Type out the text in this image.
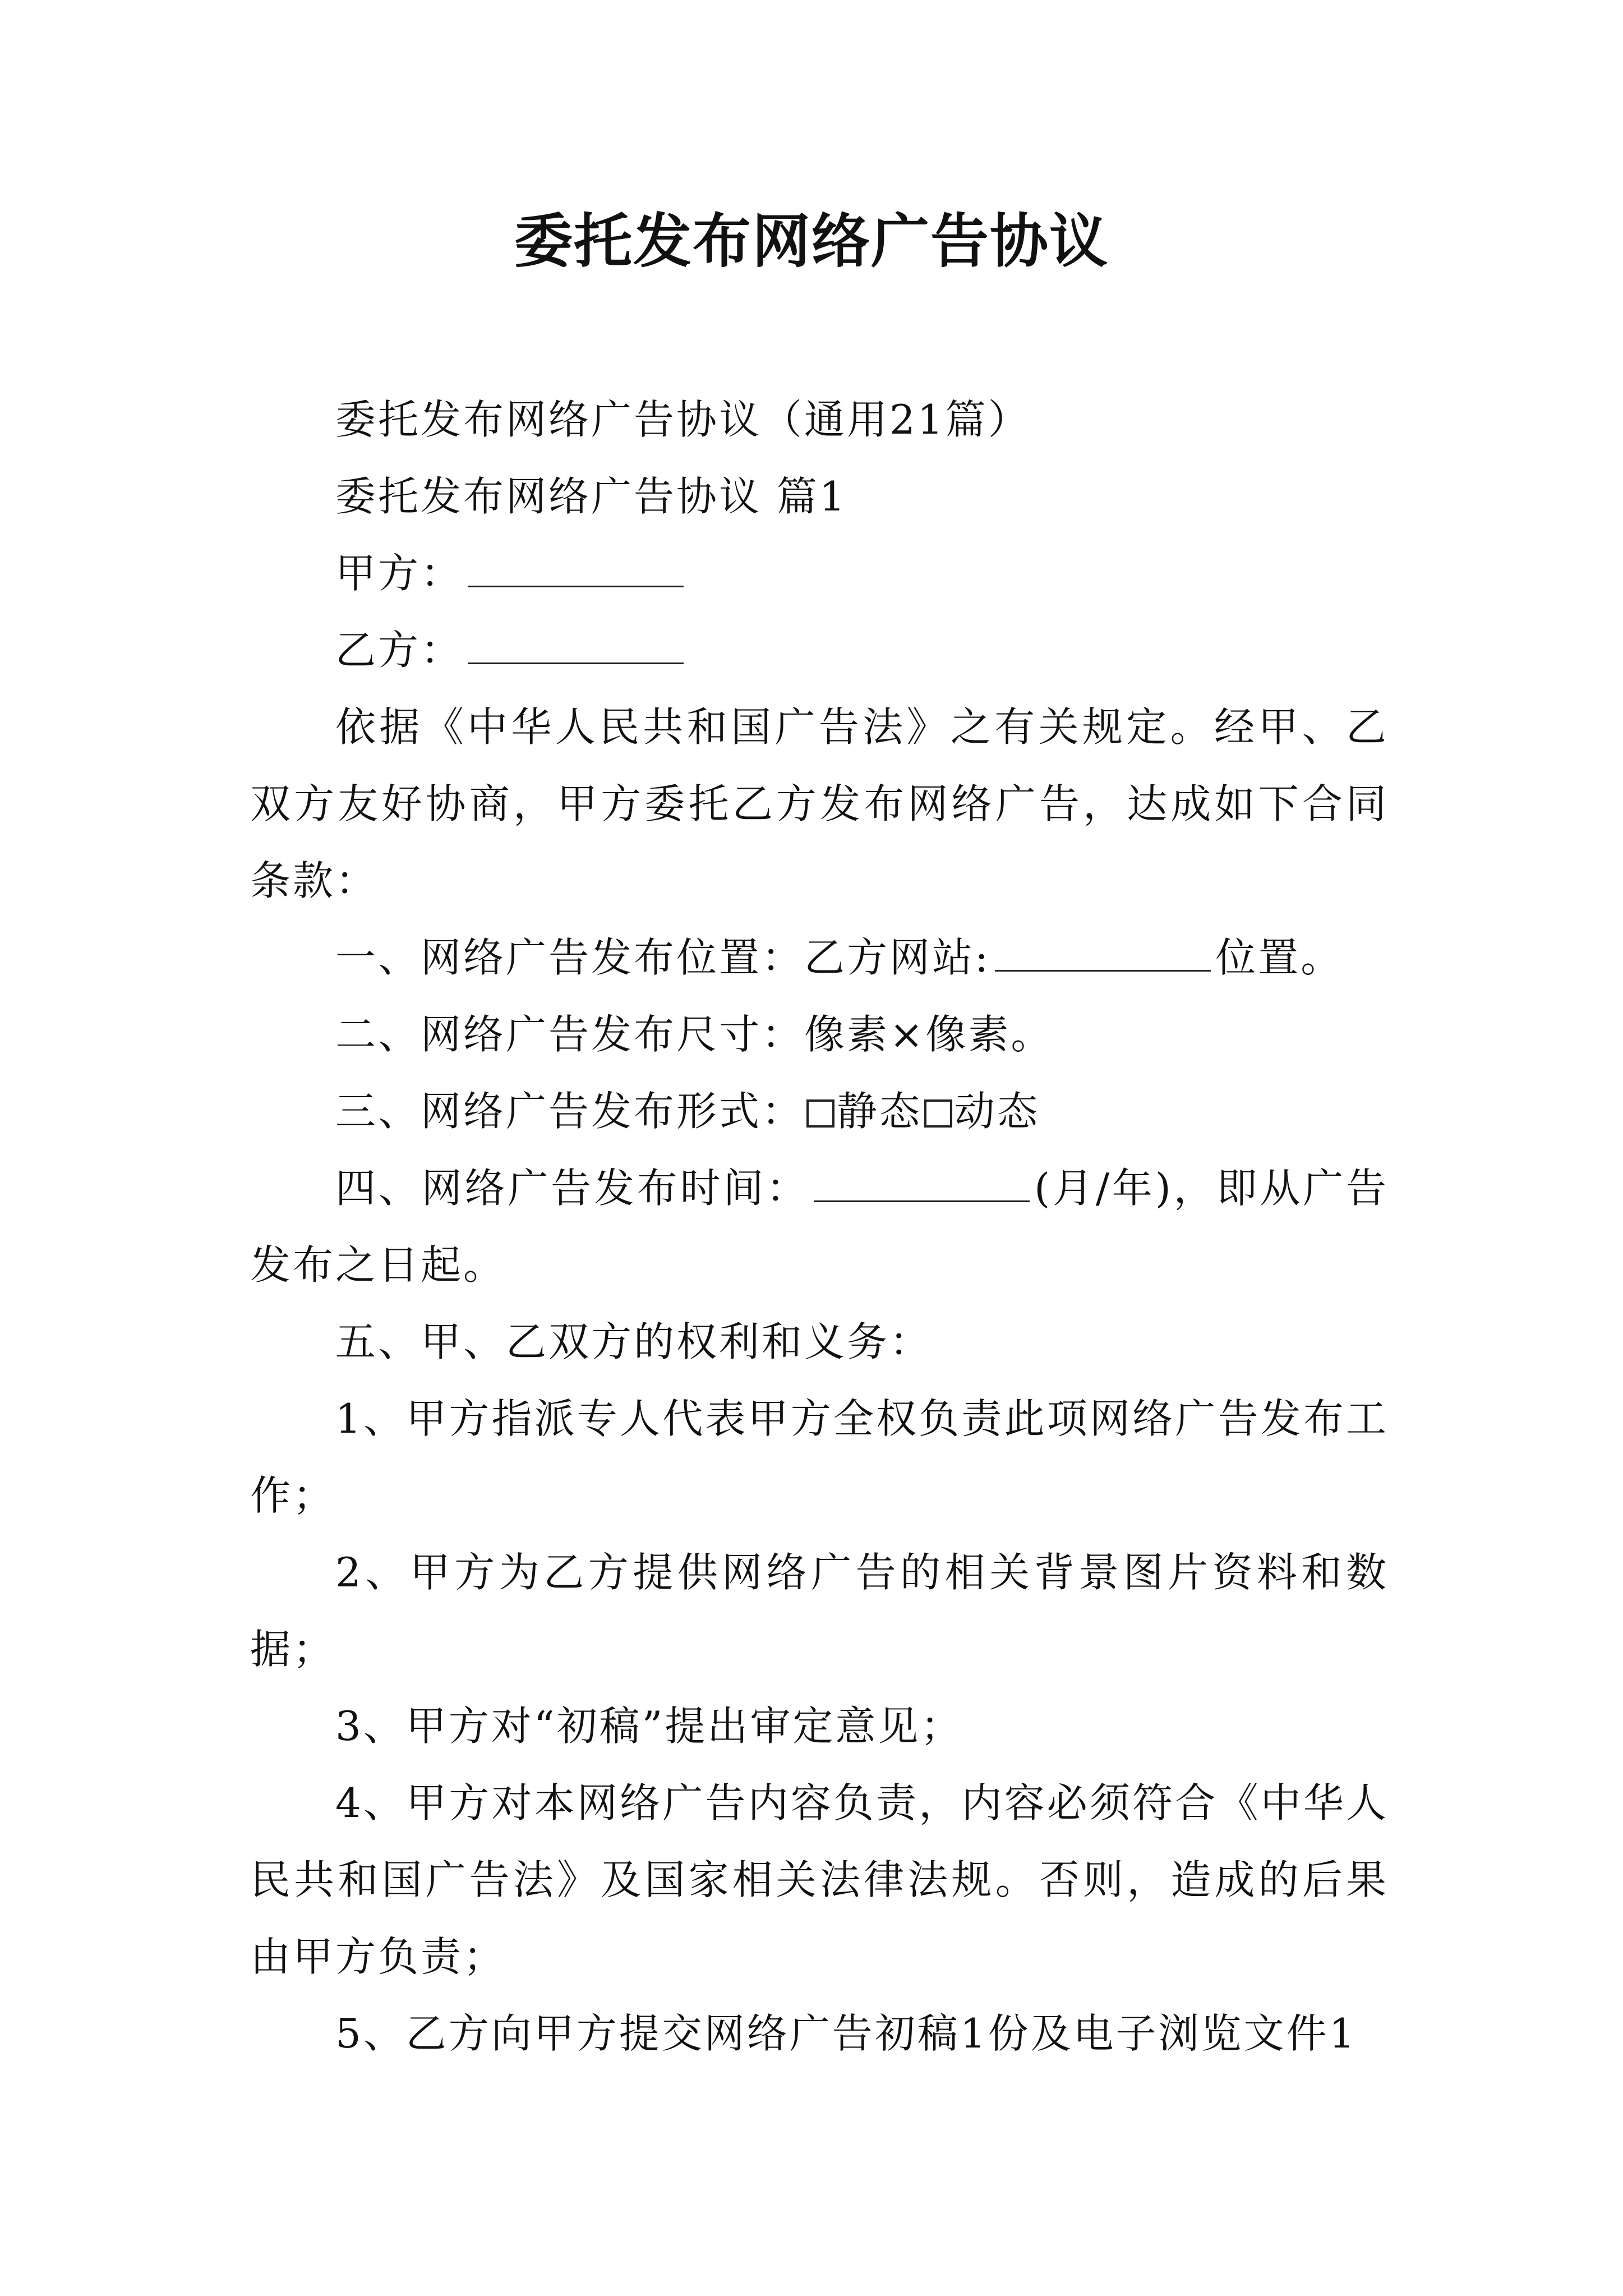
委托发布网络广告协议

委托发布网络广告协议（通用21篇）

委托发布网络广告协议 篇1

甲方：

乙方：

依据《中华人民共和国广告法》之有关规定。经甲、乙双方友好协商，甲方委托乙方发布网络广告，达成如下合同条款：

一、网络广告发布位置：乙方网站:	位置。

二、网络广告发布尺寸：像素×像素。

三、网络广告发布形式： 静态 动态

四、网络广告发布时间：	(月/年)，即从广告发布之日起。

五、甲、乙双方的权利和义务：

1、甲方指派专人代表甲方全权负责此项网络广告发布工作；

2、甲方为乙方提供网络广告的相关背景图片资料和数据；

3、甲方对“初稿”提出审定意见；

4、甲方对本网络广告内容负责，内容必须符合《中华人民共和国广告法》及国家相关法律法规。否则，造成的后果由甲方负责；

5、乙方向甲方提交网络广告初稿1份及电子浏览文件1
